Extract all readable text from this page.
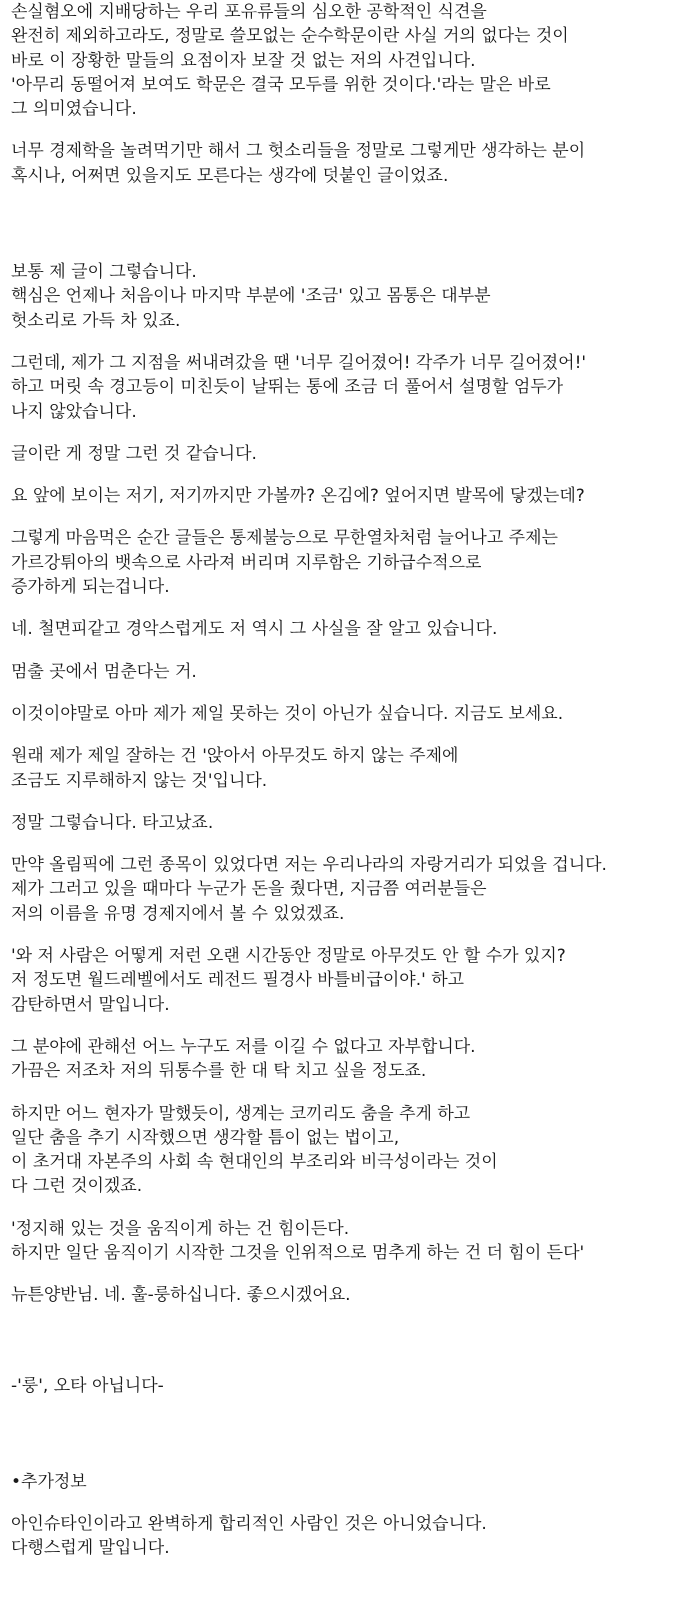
손실혐오에 지배당하는 우리 포유류들의 심오한 공학적인 식견을
완전히 제외하고라도, 정말로 쓸모없는 순수학문이란 사실 거의 없다는 것이
바로 이 장황한 말들의 요점이자 보잘 것 없는 저의 사견입니다.
'아무리 동떨어져 보여도 학문은 결국 모두를 위한 것이다.'라는 말은 바로
그 의미였습니다.
너무 경제학을 놀려먹기만 해서 그 헛소리들을 정말로 그렇게만 생각하는 분이
혹시나, 어쩌면 있을지도 모른다는 생각에 덧붙인 글이었죠.
보통 제 글이 그렇습니다.
핵심은 언제나 처음이나 마지막 부분에 '조금' 있고 몸통은 대부분
헛소리로 가득 차 있죠.
그런데, 제가 그 지점을 써내려갔을 땐 '너무 길어졌어! 각주가 너무 길어졌어!'
하고 머릿 속 경고등이 미친듯이 날뛰는 통에 조금 더 풀어서 설명할 엄두가
나지 않았습니다.
글이란 게 정말 그런 것 같습니다.
요 앞에 보이는 저기, 저기까지만 가볼까? 온김에? 엎어지면 발목에 닿겠는데?
그렇게 마음먹은 순간 글들은 통제불능으로 무한열차처럼 늘어나고 주제는
가르강튀아의 뱃속으로 사라져 버리며 지루함은 기하급수적으로
증가하게 되는겁니다.
네. 철면피같고 경악스럽게도 저 역시 그 사실을 잘 알고 있습니다.
멈출 곳에서 멈춘다는 거.
이것이야말로 아마 제가 제일 못하는 것이 아닌가 싶습니다. 지금도 보세요.
원래 제가 제일 잘하는 건 '앉아서 아무것도 하지 않는 주제에
조금도 지루해하지 않는 것'입니다.
정말 그렇습니다. 타고났죠.
만약 올림픽에 그런 종목이 있었다면 저는 우리나라의 자랑거리가 되었을 겁니다.
제가 그러고 있을 때마다 누군가 돈을 줬다면, 지금쯤 여러분들은
저의 이름을 유명 경제지에서 볼 수 있었겠죠.
'와 저 사람은 어떻게 저런 오랜 시간동안 정말로 아무것도 안 할 수가 있지?
저 정도면 월드레벨에서도 레전드 필경사 바틀비급이야.' 하고
감탄하면서 말입니다.
그 분야에 관해선 어느 누구도 저를 이길 수 없다고 자부합니다.
가끔은 저조차 저의 뒤통수를 한 대 탁 치고 싶을 정도죠.
하지만 어느 현자가 말했듯이, 생계는 코끼리도 춤을 추게 하고
일단 춤을 추기 시작했으면 생각할 틈이 없는 법이고,
이 초거대 자본주의 사회 속 현대인의 부조리와 비극성이라는 것이
다 그런 것이겠죠.
'정지해 있는 것을 움직이게 하는 건 힘이든다.
하지만 일단 움직이기 시작한 그것을 인위적으로 멈추게 하는 건 더 힘이 든다'
뉴튼양반님. 네. 훌-룽하십니다. 좋으시겠어요.
-'룽', 오타 아닙니다-
•추가정보
아인슈타인이라고 완벽하게 합리적인 사람인 것은 아니었습니다.
다행스럽게 말입니다.
